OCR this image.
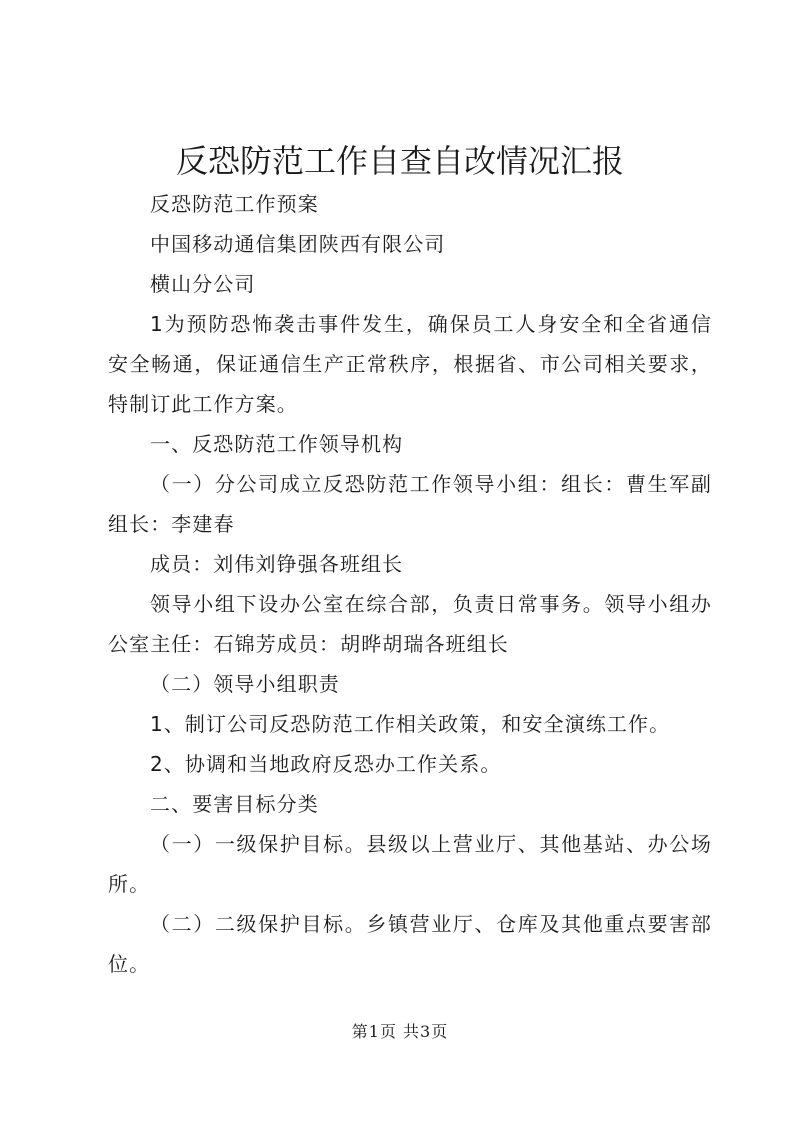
反恐防范工作自查自改情况汇报

反恐防范工作预案

中国移动通信集团陕西有限公司

横山分公司

1为预防恐怖袭击事件发生，确保员工人身安全和全省通信安全畅通，保证通信生产正常秩序，根据省、市公司相关要求，特制订此工作方案。

一、反恐防范工作领导机构

（一）分公司成立反恐防范工作领导小组：组长：曹生军副组长：李建春

成员：刘伟刘铮强各班组长

领导小组下设办公室在综合部，负责日常事务。领导小组办公室主任：石锦芳成员：胡晔胡瑞各班组长

（二）领导小组职责

1、制订公司反恐防范工作相关政策，和安全演练工作。

2、协调和当地政府反恐办工作关系。

二、要害目标分类

（一）一级保护目标。县级以上营业厅、其他基站、办公场所。

（二）二级保护目标。乡镇营业厅、仓库及其他重点要害部位。

第1页 共3页
